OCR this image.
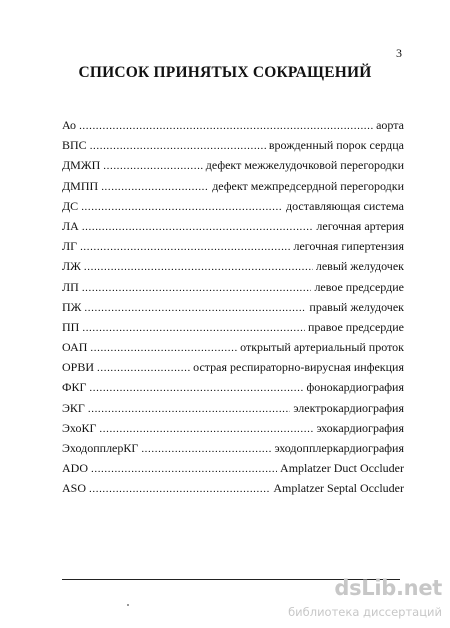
3
СПИСОК ПРИНЯТЫХ СОКРАЩЕНИЙ
Ао .....	аорта
ВПС .....	врожденный порок сердца
ДМЖП .....	дефект межжелудочковой перегородки
ДМПП .....	дефект межпредсердной перегородки
ДС .....	доставляющая система
ЛА .....	легочная артерия
ЛГ .....	легочная гипертензия
ЛЖ .....	левый желудочек
ЛП .....	левое предсердие
ПЖ .....	правый желудочек
ПП .....	правое предсердие
ОАП .....	открытый артериальный проток
ОРВИ .....	острая респираторно-вирусная инфекция
ФКГ .....	фонокардиография
ЭКГ .....	электрокардиография
ЭхоКГ .....	эхокардиография
ЭходопплерКГ .....	эходопплеркардиография
ADO .....	Amplatzer Duct Occluder
ASO .....	Amplatzer Septal Occluder
dsLib.net
библиотека диссертаций
